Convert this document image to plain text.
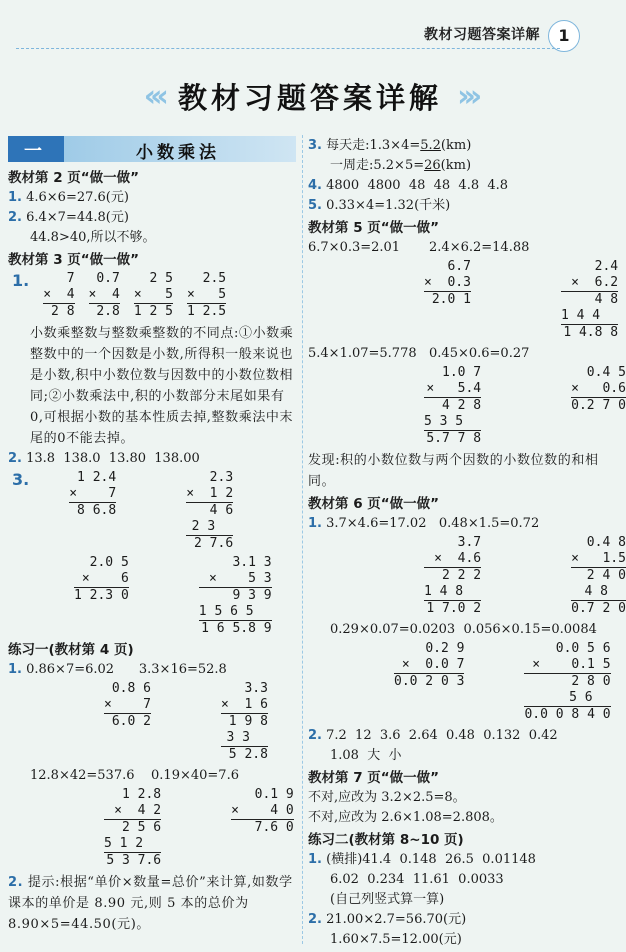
教材习题答案详解	1
‹‹‹ 教材习题答案详解 ›››
一	小数乘法
教材第 2 页“做一做”
1. 4.6×6=27.6(元)
2. 6.4×7=44.8(元)
44.8>40,所以不够。
教材第 3 页“做一做”
1.	7
×  4
2 8
0.7
×  4
2.8
2 5
×   5
1 2 5
2.5
×   5
1 2.5
小数乘整数与整数乘整数的不同点:①小数乘整数中的一个因数是小数,所得积一般来说也是小数,积中小数位数与因数中的小数位数相同;②小数乘法中,积的小数部分末尾如果有0,可根据小数的基本性质去掉,整数乘法中末尾的0不能去掉。
2. 13.8  138.0  13.80  138.00
3.	1 2.4
×    7
8 6.8
2.3
×  1 2
4 6
2 3
2 7.6
2.0 5
×    6
1 2.3 0
3.1 3
×    5 3
9 3 9
1 5 6 5
1 6 5.8 9
练习一(教材第 4 页)
1. 0.86×7=6.02 3.3×16=52.8
0.8 6
×    7
6.0 2
3.3
×  1 6
1 9 8
3 3
5 2.8
12.8×42=537.6 0.19×40=7.6
1 2.8
×  4 2
2 5 6
5 1 2
5 3 7.6
0.1 9
×    4 0
7.6 0
2. 提示:根据“单价×数量=总价”来计算,如数学课本的单价是 8.90 元,则 5 本的总价为 8.90×5=44.50(元)。
3. 每天走:1.3×4=5.2(km)
一周走:5.2×5=26(km)
4. 4800  4800  48  48  4.8  4.8
5. 0.33×4=1.32(千米)
教材第 5 页“做一做”
6.7×0.3=2.01 2.4×6.2=14.88
6.7
×  0.3
2.0 1
2.4
×  6.2
4 8
1 4 4
1 4.8 8
5.4×1.07=5.778 0.45×0.6=0.27
1.0 7
×   5.4
4 2 8
5 3 5
5.7 7 8
0.4 5
×   0.6
0.2 7 0
发现:积的小数位数与两个因数的小数位数的和相同。
教材第 6 页“做一做”
1. 3.7×4.6=17.02 0.48×1.5=0.72
3.7
×  4.6
2 2 2
1 4 8
1 7.0 2
0.4 8
×   1.5
2 4 0
4 8
0.7 2 0
0.29×0.07=0.0203 0.056×0.15=0.0084
0.2 9
×  0.0 7
0.0 2 0 3
0.0 5 6
×    0.1 5
2 8 0
5 6
0.0 0 8 4 0
2. 7.2  12  3.6  2.64  0.48  0.132  0.42
1.08  大  小
教材第 7 页“做一做”
不对,应改为 3.2×2.5=8。
不对,应改为 2.6×1.08=2.808。
练习二(教材第 8~10 页)
1. (横排)41.4  0.148  26.5  0.01148
6.02  0.234  11.61  0.0033
(自己列竖式算一算)
2. 21.00×2.7=56.70(元)
1.60×7.5=12.00(元)
